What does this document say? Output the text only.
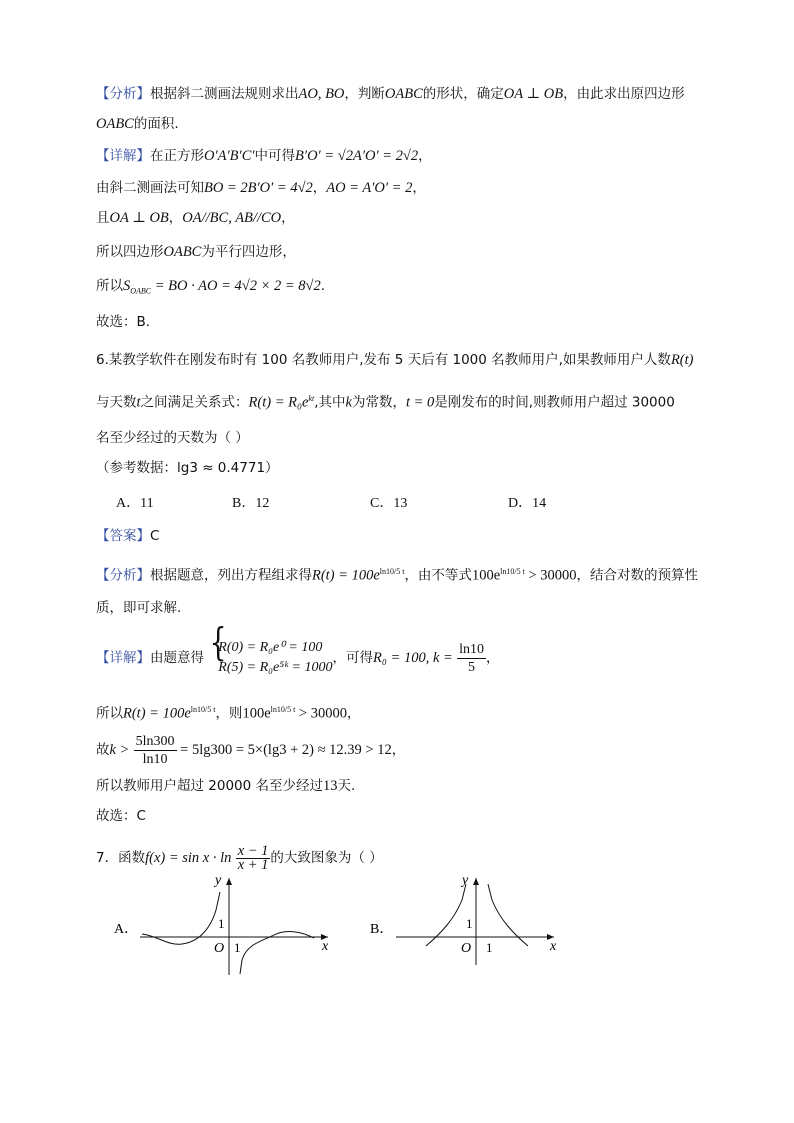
【分析】根据斜二测画法规则求出AO, BO，判断OABC的形状，确定OA ⊥ OB，由此求出原四边形
OABC的面积.
【详解】在正方形O′A′B′C′中可得B′O′ = √2A′O′ = 2√2，
由斜二测画法可知BO = 2B′O′ = 4√2，AO = A′O′ = 2，
且OA ⊥ OB，OA//BC, AB//CO，
所以四边形OABC为平行四边形，
所以$S_{OABC}$ = BO · AO = 4√2 × 2 = 8√2.
故选：B.
6.某教学软件在刚发布时有 100 名教师用户,发布 5 天后有 1000 名教师用户,如果教师用户人数R(t)
与天数t之间满足关系式：$R(t) = R_0e^{kt}$,其中k为常数，t = 0是刚发布的时间,则教师用户超过 30000
名至少经过的天数为（ ）
（参考数据：lg3 ≈ 0.4771）
A．11	B．12	C．13	D．14
【答案】C
【分析】根据题意，列出方程组求得$R(t) = 100e^{ln10/5 t}$，由不等式$100e^{ln10/5 t} > 30000$，结合对数的预算性
质，即可求解.
【详解】由题意得
{ R(0) = R₀e⁰ = 100
R(5) = R₀e⁵ᵏ = 1000
，可得R₀ = 100, $k = \frac{\ln 10}{5}$ ，
所以$R(t) = 100e^{ln10/5 t}$，则$100e^{ln10/5 t} > 30000$，
故$k > \frac{5\ln 300}{\ln 10} = 5\lg 300 = 5\times(\lg 3 + 2) \approx 12.39 > 12$，
所以教师用户超过 20000 名至少经过13天.
故选：C
7．函数$f(x) = \sin x \cdot \ln \frac{x - 1}{x + 1}$ 的大致图象为（ ）
A．
y
x
O 1
1	B．
y
x
O 1
1
